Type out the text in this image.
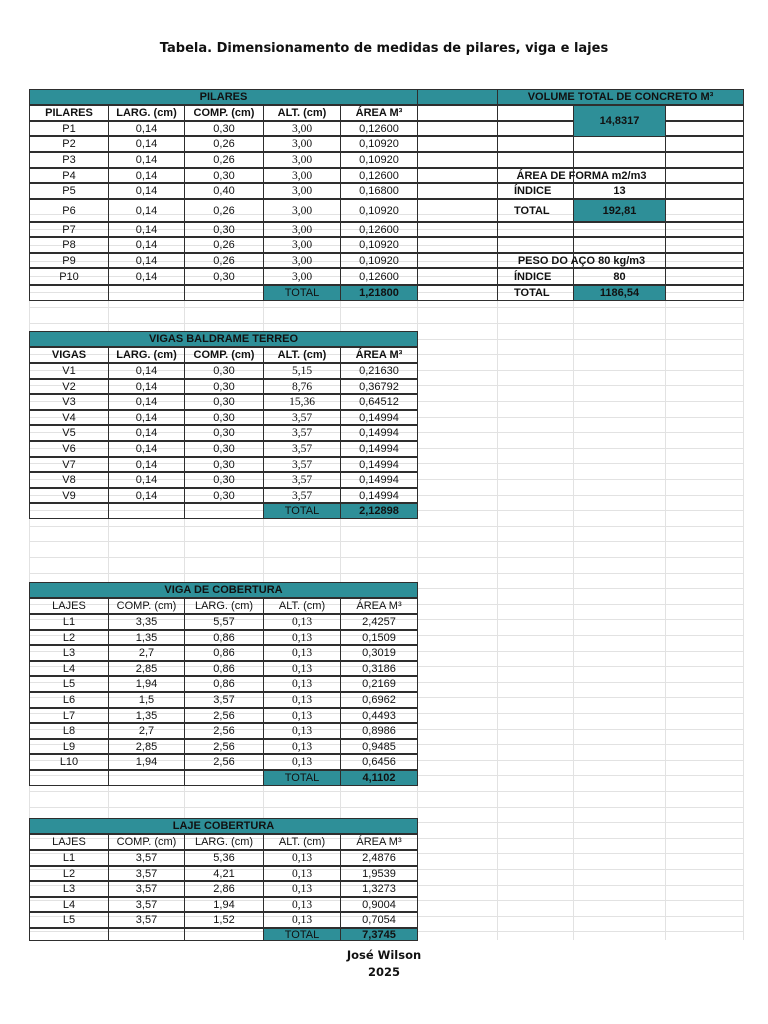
Tabela. Dimensionamento de medidas de pilares, viga e lajes
PILARES
PILARES	LARG. (cm)	COMP. (cm)	ALT. (cm)	ÁREA M³
P1	0,14	0,30	3,00	0,12600
P2	0,14	0,26	3,00	0,10920
P3	0,14	0,26	3,00	0,10920
P4	0,14	0,30	3,00	0,12600
P5	0,14	0,40	3,00	0,16800
P6	0,14	0,26	3,00	0,10920
P7	0,14	0,30	3,00	0,12600
P8	0,14	0,26	3,00	0,10920
P9	0,14	0,26	3,00	0,10920
P10	0,14	0,30	3,00	0,12600
TOTAL	1,21800
VIGAS BALDRAME TERREO
VIGAS	LARG. (cm)	COMP. (cm)	ALT. (cm)	ÁREA M³
V1	0,14	0,30	5,15	0,21630
V2	0,14	0,30	8,76	0,36792
V3	0,14	0,30	15,36	0,64512
V4	0,14	0,30	3,57	0,14994
V5	0,14	0,30	3,57	0,14994
V6	0,14	0,30	3,57	0,14994
V7	0,14	0,30	3,57	0,14994
V8	0,14	0,30	3,57	0,14994
V9	0,14	0,30	3,57	0,14994
TOTAL	2,12898
VIGA DE COBERTURA
LAJES	COMP. (cm)	LARG. (cm)	ALT. (cm)	ÁREA M³
L1	3,35	5,57	0,13	2,4257
L2	1,35	0,86	0,13	0,1509
L3	2,7	0,86	0,13	0,3019
L4	2,85	0,86	0,13	0,3186
L5	1,94	0,86	0,13	0,2169
L6	1,5	3,57	0,13	0,6962
L7	1,35	2,56	0,13	0,4493
L8	2,7	2,56	0,13	0,8986
L9	2,85	2,56	0,13	0,9485
L10	1,94	2,56	0,13	0,6456
TOTAL	4,1102
LAJE COBERTURA
LAJES	COMP. (cm)	LARG. (cm)	ALT. (cm)	ÁREA M³
L1	3,57	5,36	0,13	2,4876
L2	3,57	4,21	0,13	1,9539
L3	3,57	2,86	0,13	1,3273
L4	3,57	1,94	0,13	0,9004
L5	3,57	1,52	0,13	0,7054
TOTAL	7,3745
VOLUME TOTAL DE CONCRETO M³
14,8317
ÁREA DE FORMA m2/m3
ÍNDICE	13
TOTAL	192,81
PESO DO AÇO 80 kg/m3
ÍNDICE	80
TOTAL	1186,54
José Wilson
2025
